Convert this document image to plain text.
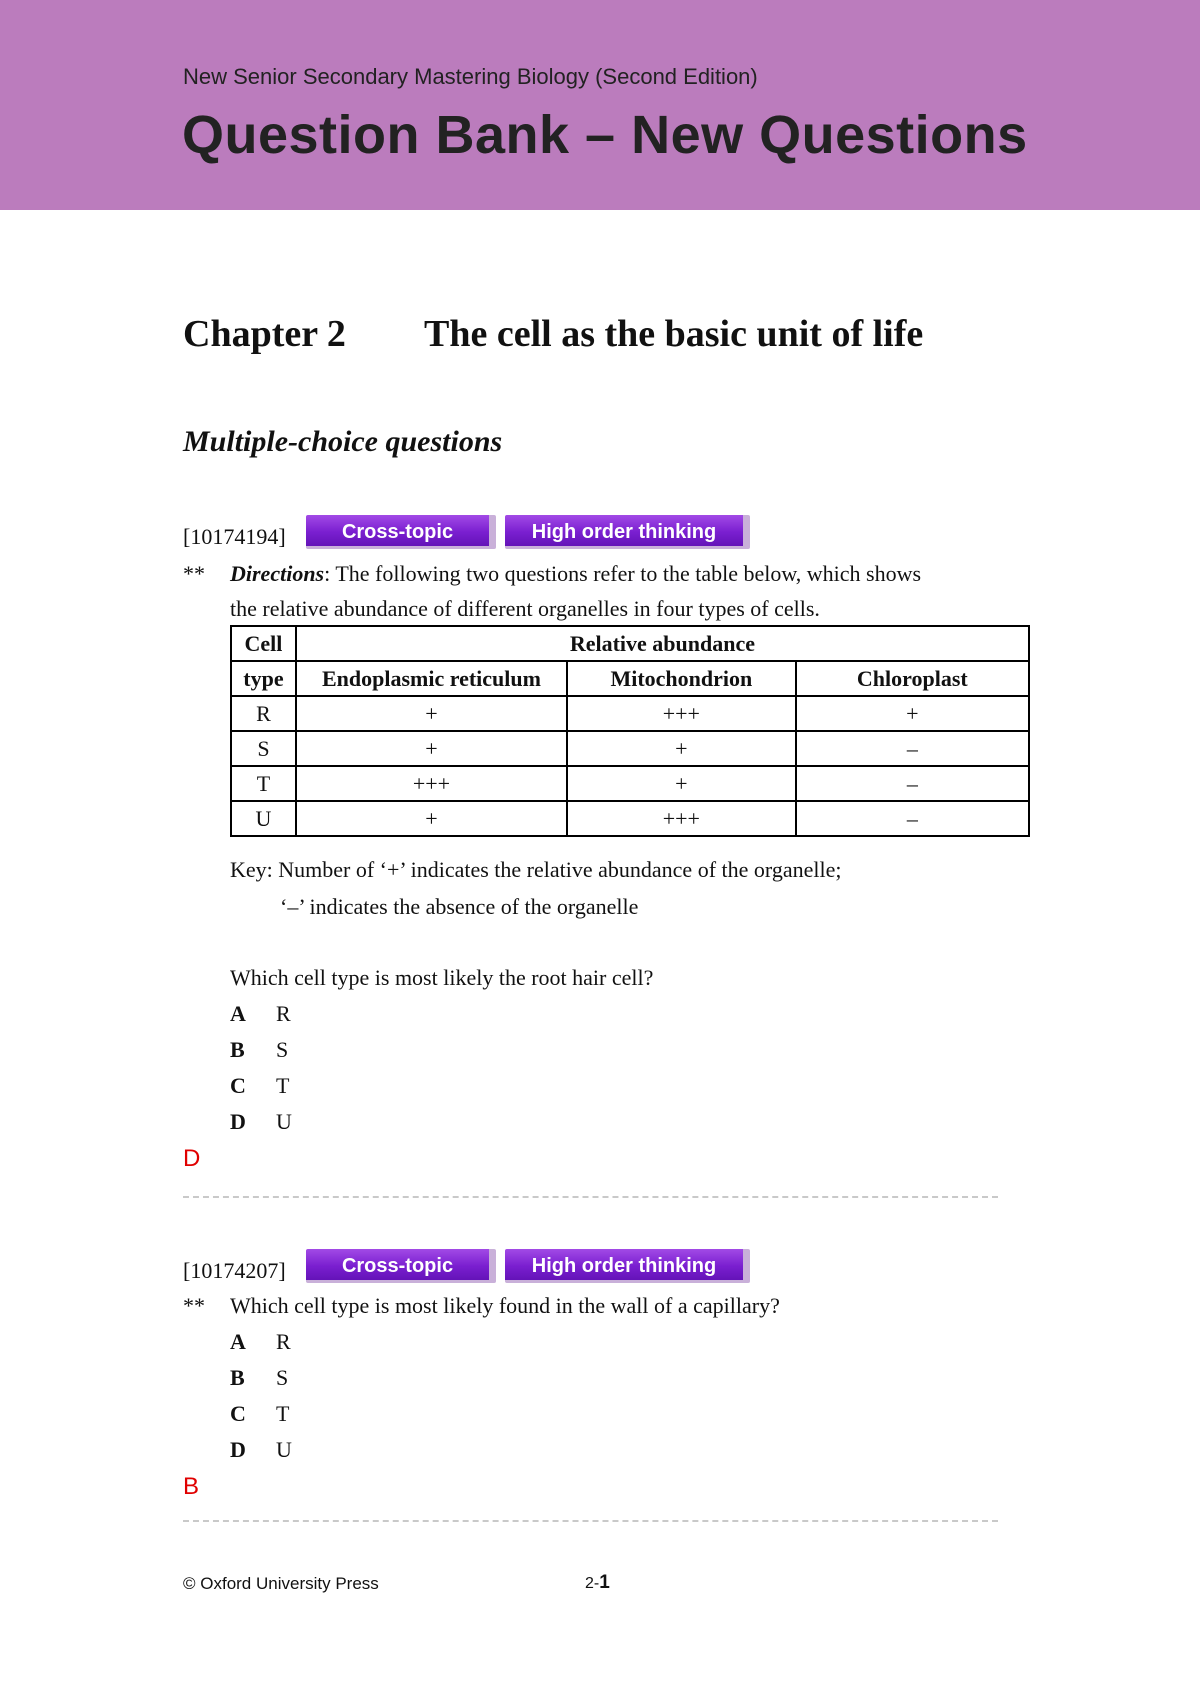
New Senior Secondary Mastering Biology (Second Edition)
Question Bank – New Questions
Chapter 2 The cell as the basic unit of life
Multiple-choice questions
[10174194]	Cross-topic	High order thinking
** Directions: The following two questions refer to the table below, which shows
the relative abundance of different organelles in four types of cells.
Cell	Relative abundance		
type	Endoplasmic reticulum	Mitochondrion	Chloroplast
R	+	+++	+
S	+	+	–
T	+++	+	–
U	+	+++	–
Key: Number of ‘+’ indicates the relative abundance of the organelle;
‘–’ indicates the absence of the organelle
Which cell type is most likely the root hair cell?
A	R
B	S
C	T
D	U
D
[10174207]	Cross-topic	High order thinking
** Which cell type is most likely found in the wall of a capillary?
A	R
B	S
C	T
D	U
B
© Oxford University Press	2-1
